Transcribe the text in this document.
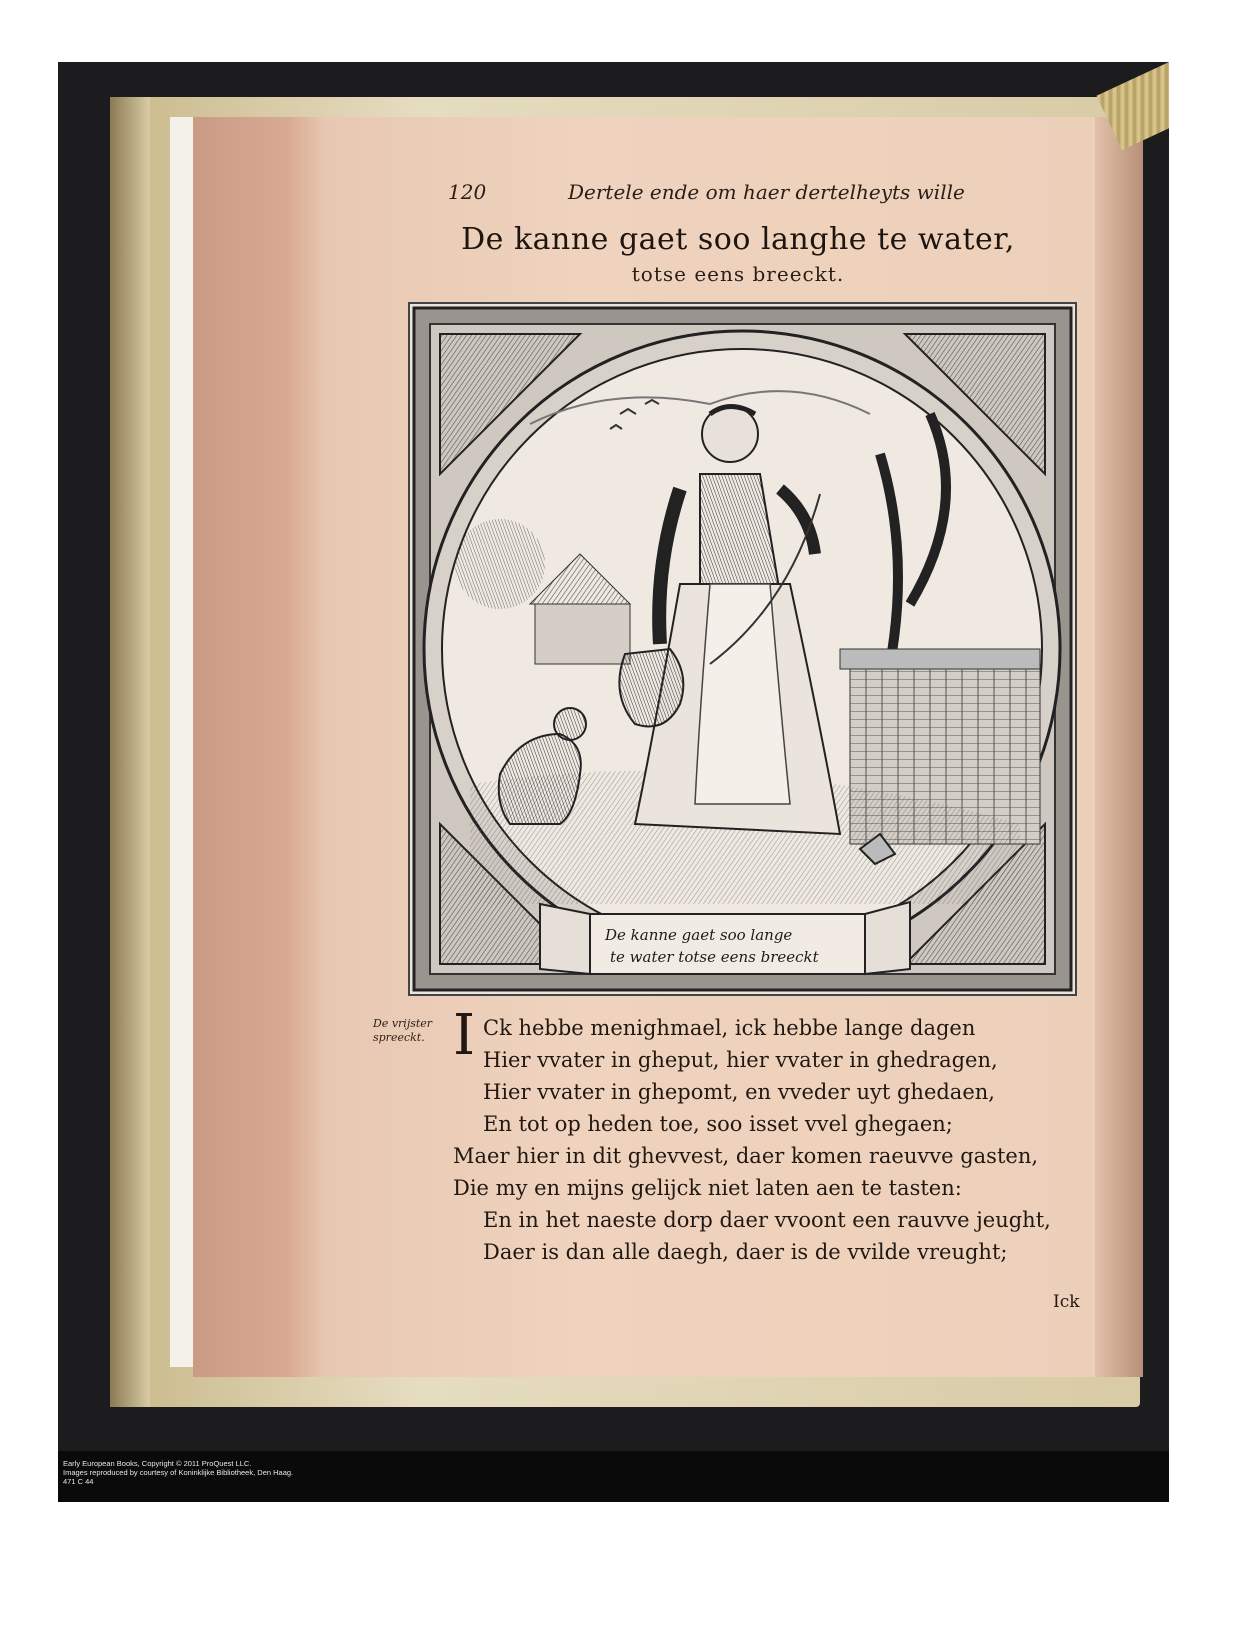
120	Dertele ende om haer dertelheyts wille
De kanne gaet soo langhe te water,
totse eens breeckt.
De kanne gaet soo lange
te water totse eens breeckt
De vrijster
spreeckt. I Ck hebbe menighmael, ick hebbe lange dagen
Hier vvater in gheput, hier vvater in ghedragen,
Hier vvater in ghepomt, en vveder uyt ghedaen,
En tot op heden toe, soo isset vvel ghegaen;
Maer hier in dit ghevvest, daer komen raeuvve gasten,
Die my en mijns gelijck niet laten aen te tasten:
En in het naeste dorp daer vvoont een rauvve jeught,
Daer is dan alle daegh, daer is de vvilde vreught;
Ick
Early European Books, Copyright © 2011 ProQuest LLC.
Images reproduced by courtesy of Koninklijke Bibliotheek, Den Haag.
471 C 44
